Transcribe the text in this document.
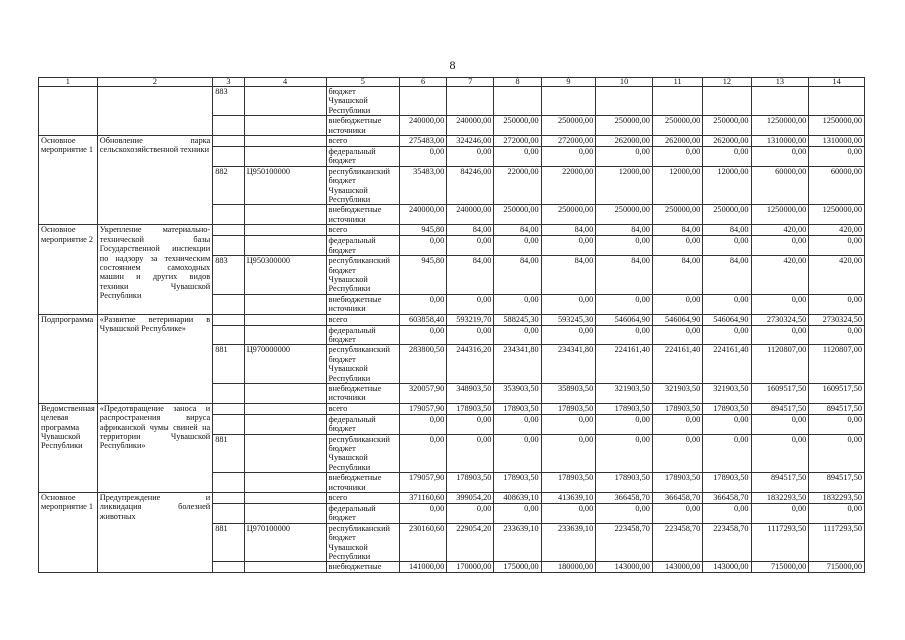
8
1	2	3	4	5	6	7	8	9	10	11	12	13	14
		883		бюджет Чувашской Республики									
				внебюджетные источники	240000,00	240000,00	250000,00	250000,00	250000,00	250000,00	250000,00	1250000,00	1250000,00
Основное мероприятие 1	Обновление парка сельскохозяйственной техники			всего	275483,00	324246,00	272000,00	272000,00	262000,00	262000,00	262000,00	1310000,00	1310000,00
				федеральный бюджет	0,00	0,00	0,00	0,00	0,00	0,00	0,00	0,00	0,00
		882	Ц950100000	республиканский бюджет Чувашской Республики	35483,00	84246,00	22000,00	22000,00	12000,00	12000,00	12000,00	60000,00	60000,00
				внебюджетные источники	240000,00	240000,00	250000,00	250000,00	250000,00	250000,00	250000,00	1250000,00	1250000,00
Основное мероприятие 2	Укрепление материально-технической базы Государственной инспекции по надзору за техническим состоянием самоходных машин и других видов техники Чувашской Республики			всего	945,80	84,00	84,00	84,00	84,00	84,00	84,00	420,00	420,00
				федеральный бюджет	0,00	0,00	0,00	0,00	0,00	0,00	0,00	0,00	0,00
		883	Ц950300000	республиканский бюджет Чувашской Республики	945,80	84,00	84,00	84,00	84,00	84,00	84,00	420,00	420,00
				внебюджетные источники	0,00	0,00	0,00	0,00	0,00	0,00	0,00	0,00	0,00
Подпрограмма	«Развитие ветеринарии в Чувашской Республике»			всего	603858,40	593219,70	588245,30	593245,30	546064,90	546064,90	546064,90	2730324,50	2730324,50
				федеральный бюджет	0,00	0,00	0,00	0,00	0,00	0,00	0,00	0,00	0,00
		881	Ц970000000	республиканский бюджет Чувашской Республики	283800,50	244316,20	234341,80	234341,80	224161,40	224161,40	224161,40	1120807,00	1120807,00
				внебюджетные источники	320057,90	348903,50	353903,50	358903,50	321903,50	321903,50	321903,50	1609517,50	1609517,50
Ведомственная целевая программа Чувашской Республики	«Предотвращение заноса и распространения вируса африканской чумы свиней на территории Чувашской Республики»			всего	179057,90	178903,50	178903,50	178903,50	178903,50	178903,50	178903,50	894517,50	894517,50
				федеральный бюджет	0,00	0,00	0,00	0,00	0,00	0,00	0,00	0,00	0,00
		881		республиканский бюджет Чувашской Республики	0,00	0,00	0,00	0,00	0,00	0,00	0,00	0,00	0,00
				внебюджетные источники	179057,90	178903,50	178903,50	178903,50	178903,50	178903,50	178903,50	894517,50	894517,50
Основное мероприятие 1	Предупреждение и ликвидация болезней животных			всего	371160,60	399054,20	408639,10	413639,10	366458,70	366458,70	366458,70	1832293,50	1832293,50
				федеральный бюджет	0,00	0,00	0,00	0,00	0,00	0,00	0,00	0,00	0,00
		881	Ц970100000	республиканский бюджет Чувашской Республики	230160,60	229054,20	233639,10	233639,10	223458,70	223458,70	223458,70	1117293,50	1117293,50
				внебюджетные	141000,00	170000,00	175000,00	180000,00	143000,00	143000,00	143000,00	715000,00	715000,00
